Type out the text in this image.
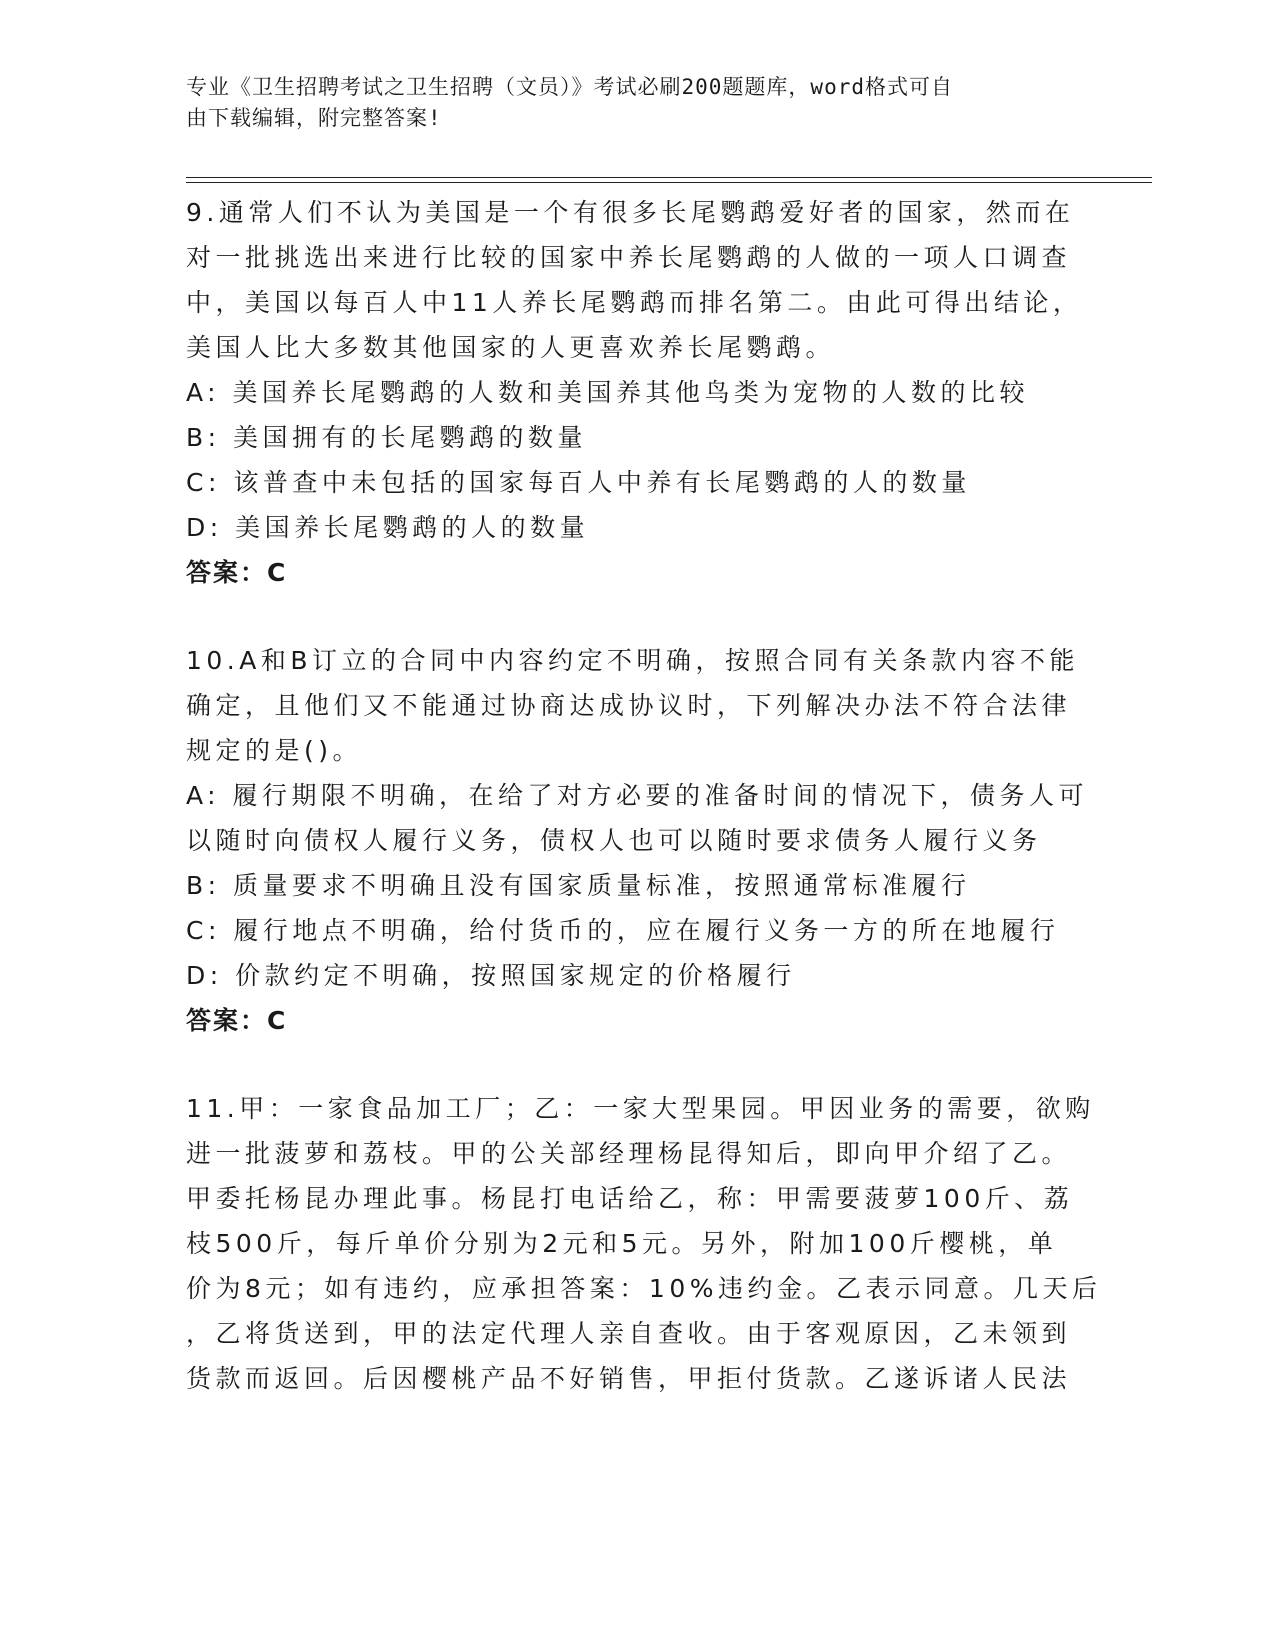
专业《卫生招聘考试之卫生招聘（文员）》考试必刷200题题库，word格式可自
由下载编辑，附完整答案!

9.通常人们不认为美国是一个有很多长尾鹦鹉爱好者的国家，然而在

对一批挑选出来进行比较的国家中养长尾鹦鹉的人做的一项人口调查

中，美国以每百人中11人养长尾鹦鹉而排名第二。由此可得出结论，

美国人比大多数其他国家的人更喜欢养长尾鹦鹉。

A: 美国养长尾鹦鹉的人数和美国养其他鸟类为宠物的人数的比较

B: 美国拥有的长尾鹦鹉的数量

C: 该普查中未包括的国家每百人中养有长尾鹦鹉的人的数量

D: 美国养长尾鹦鹉的人的数量

答案：C

10.A和B订立的合同中内容约定不明确，按照合同有关条款内容不能

确定，且他们又不能通过协商达成协议时，下列解决办法不符合法律

规定的是()。

A: 履行期限不明确，在给了对方必要的准备时间的情况下，债务人可

以随时向债权人履行义务，债权人也可以随时要求债务人履行义务

B: 质量要求不明确且没有国家质量标准，按照通常标准履行

C: 履行地点不明确，给付货币的，应在履行义务一方的所在地履行

D: 价款约定不明确，按照国家规定的价格履行

答案：C

11.甲：一家食品加工厂；乙：一家大型果园。甲因业务的需要，欲购

进一批菠萝和荔枝。甲的公关部经理杨昆得知后，即向甲介绍了乙。

甲委托杨昆办理此事。杨昆打电话给乙，称：甲需要菠萝100斤、荔

枝500斤，每斤单价分别为2元和5元。另外，附加100斤樱桃，单

价为8元；如有违约，应承担答案：10%违约金。乙表示同意。几天后

，乙将货送到，甲的法定代理人亲自查收。由于客观原因，乙未领到

货款而返回。后因樱桃产品不好销售，甲拒付货款。乙遂诉诸人民法
